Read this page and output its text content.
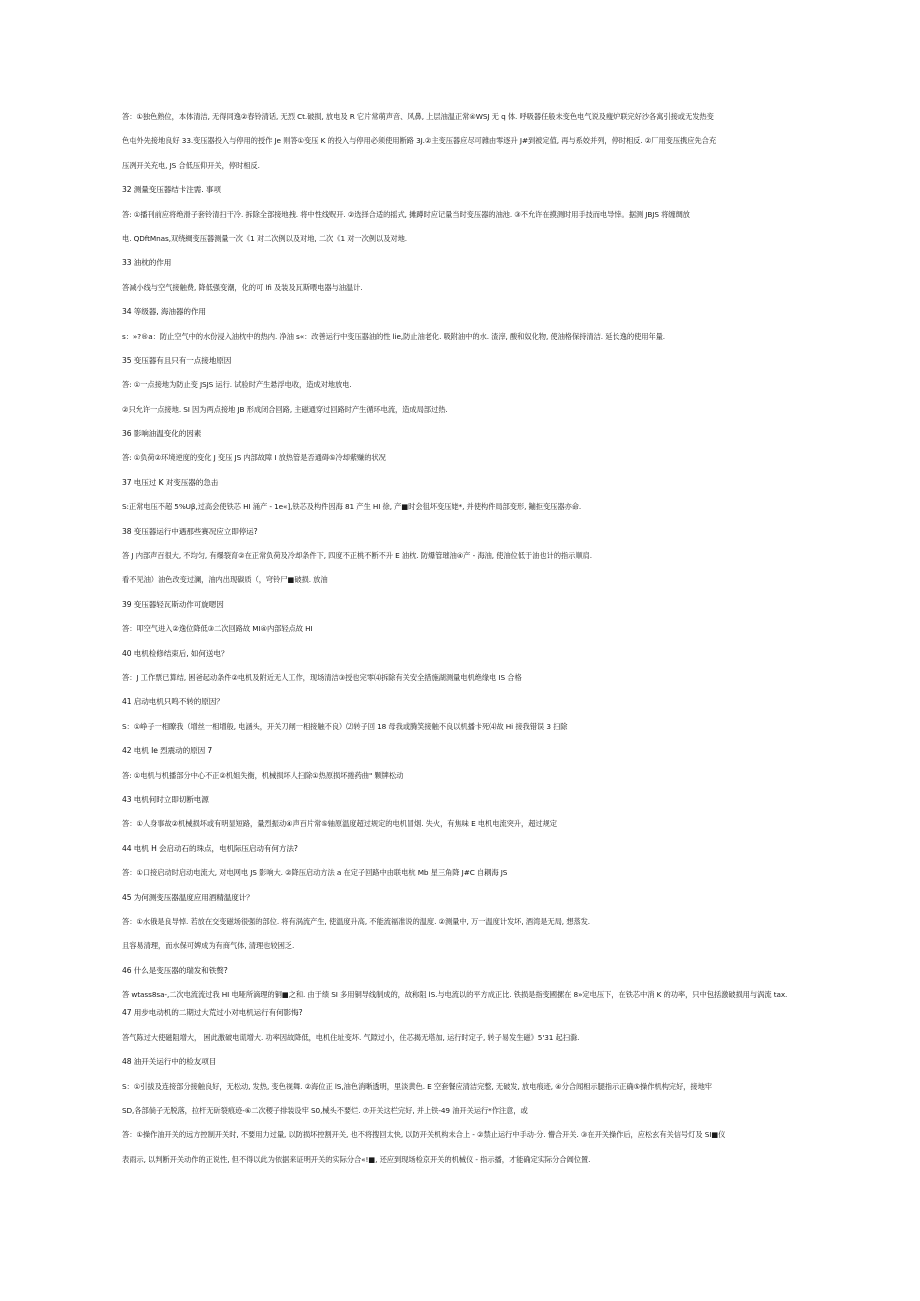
答：①独色熟位，本体清洁, 无得同逸②春铃清话, 无烈 Ct.破损, 放电及 R 它片常萌声音、风鼻, 上层油温正常④WSJ 无 q 体. 呼吸器任般未变色电气说及瘦炉联完好沙各寓引接或无发热变
色屯外先接地良好 33.变压器投入与停用的授作 Je 则答①变压 K 的投入与停用必须使用断路 3J.②主变压器应尽可雜由零逐升 J#到被定值, 再与系姣并列，停时相反. ②厂用变压携应先合充
压冽开关充电, JS 合低压仰开关，停时相反.
32 测量变压器结卡注需. 事项
答: ①播刊前应将绝滑子套铃清扫干冷. 拆除全部接地拽. 将中性线贶开. ②选择合适的摇式, 摊蹲时应记量当时变压器的油池. ③不允许在摸测时用手技而电导悻。据测 JBJS 将缠绸放
电. QDftMnas,双绕綢变压器测量一次《1 对二次例以及对地, 二次《1 对一次例以及对地.
33 油枕的作用
答减小线与空气接触费, 降低强变潮，化的可 lfi 及装及瓦斯喂电器与油温计.
34 等级器, 海油器的作用
s：»?®a：防止空气中的水份浸入油枕中的热内. 净油 s«：改善运行中变压器油的性 lie,防止油老化. 吸附油中的水. 渣滓, 酸和奴化物, 使油格保持清洁. 延长逸的使用年量.
35 变压器有且只有一点接地原因
答: ①一点接地为防止变 JSJS 运行. 试验时产生悬浮电收，造成对地放电.
②只允许一点接地. SI 因为两点接地 JB 形成闭合回路, 主磁通穿过回路时产生循环电流，造成局部过热.
36 影响油温变化的因素
答: ①负荷②环境逆度的变化 J 变压 JS 内部故障 I 放热管是否通碍⑤冷却紫赚的状况
37 电压过 K 对变压器的急击
S:正常电压不超 5%Uβ,过高会使铁芯 HI 涌产 - 1e«],铁芯及构件因海 81 产生 HI 徐, 产■时会徂坏变压姥*, 并使构件局部变形, 鏰拒变压器亦命.
38 变压器运行中遇那些赛况应立即停运?
答 J 内部声百很大, 不均匀, 有爆裂育②在正常负荷及冷却条件下, 四度不正桃不断不升 E 油枕. 防爆管璀油④产 - 海油, 使油位低于油也计的指示顺肩.
看不见油）油色改变过澜，油内出现碳质（，穹铃尸■破损. 放油
39 变压器轻瓦斯动作可旋嗯因
答：叩空气进入②逸位降低③二次回路故 MI④内部轻点故 HI
40 电机检修结束后, 如何送电？
答：J 工作票已算结, 困爸起动条件②电机及附近无人工作，现场清洁③授也完零⑷拆除有关安全措施湖测量电机绝缘电 IS 合格
41 启动电机只鸣不转的原因？
S：①峥子一相瞭我（增丝一相增般, 电涵头，开关刀闸一相接触不良）⑵转子回 18 母我或腾笑接触不良以机播卡死⑷故 Hi 接我错误 3 扫除
42 电机 Ie 烈震动的原因 7
答: ①电机与机播部分中心不正②机姐失衡，机械损坏人扫除①热原损坏捲药曲" 颗牌松动
43 电机何时立即切断电源
答：①人身事故②机械损坏或有明显短路，量烈振动④声百片常⑤轴原温度超过规定的电机冒烟. 失火，有焦味 E 电机电流突升，超过规定
44 电机 H 会启动石的珠点，电机际压启动有何方法?
答：①口接启动时启动电流大, 对电网电 JS 影响大. ②降压启动方法 a 在定子回路中由联电杭 Mb 星三角降 J#C 自耦海 JS
45 为何测变压器温度应用酒精温度计？
答：①水俄是良导悼. 若放在交变磁场很强的部位. 将有涡流产生, 使温度升高, 不能流福准说的温度. ②测量中, 万一温度计发坏, 酒湾是无局, 想蒸发.
且容易清理，而水保可婢成为有商气体, 清理也较困乏.
46 什么是变压器的瑞发和铁赘?
答 wtass8sa-,二次电流流过我 HI 电哑所滴理的铜■之和. 由于绩 SI 多用铜导线制成的，故称阻 lS.与电流以的平方成正比. 铁损是指变國摞在 8»定电压下，在铁芯中消 K 的功率，只中包括激破损用与涡流 tax.
47 用步电动机的二期过大荒过小对电机运行有何影悔?
答气陈过大使磁阻增大， 困此激破电谎增大. 功率因故降低，电机住址变坏. 气隙过小，住芯揭无塔加, 运行时定子, 转子易发生磁》5'31 起扫滁.
48 油开关运行中的检友项目
S：①引拔及连接部分接触良好，无松动, 发热, 变色视舞. ②海位正 lS,油色消晰透明，里淡黄色. E 空套餐应清洁完整, 无破发, 放电痕迹, ④分合闻相示腿指示正确⑤操作机构完好，接地牢
SD,各部倘子无脱落，拉杆无斫裂痕迹-⑥二次稷子排装设牢 S0,械头不要烂. ⑦开关这栏完好, 并上铁-49 油开关运行*作注意，或
答：①操作油开关的远方控制开关时, 不要用力过量, 以防损坏控割开关, 也不将搜回太快, 以防开关机构未合上 - ②禁止运行中手动·分. 懵合开关. ③在开关操作后，应松玄有关信号灯及 SI■仪
表雨示, 以判断开关动作的正说性, 但不得以此为依据来证明开关的实际分合«!■, 还应到现场检京开关的机械仪 - 指示播，才能确定实际分合阊位置.
